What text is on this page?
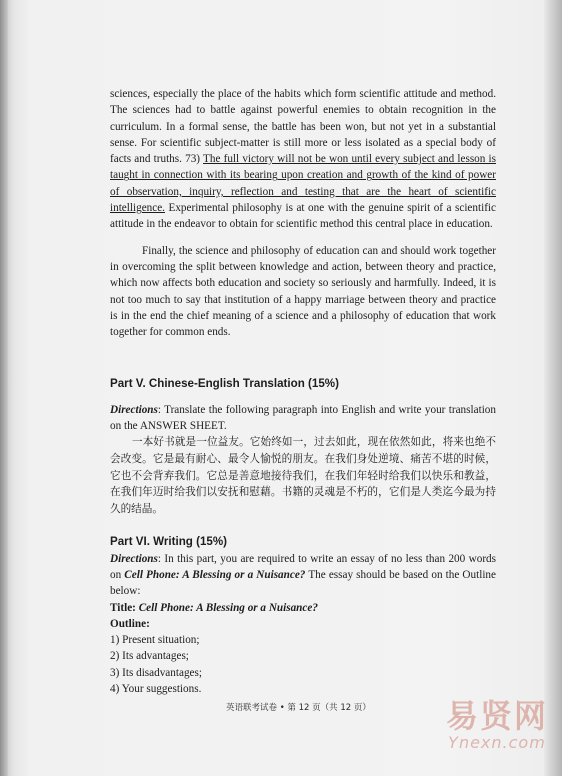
sciences, especially the place of the habits which form scientific attitude and method. The sciences had to battle against powerful enemies to obtain recognition in the curriculum. In a formal sense, the battle has been won, but not yet in a substantial sense. For scientific subject-matter is still more or less isolated as a special body of facts and truths. 73) The full victory will not be won until every subject and lesson is taught in connection with its bearing upon creation and growth of the kind of power of observation, inquiry, reflection and testing that are the heart of scientific intelligence. Experimental philosophy is at one with the genuine spirit of a scientific attitude in the endeavor to obtain for scientific method this central place in education.

Finally, the science and philosophy of education can and should work together in overcoming the split between knowledge and action, between theory and practice, which now affects both education and society so seriously and harmfully. Indeed, it is not too much to say that institution of a happy marriage between theory and practice is in the end the chief meaning of a science and a philosophy of education that work together for common ends.

Part V. Chinese-English Translation (15%)

Directions: Translate the following paragraph into English and write your translation on the ANSWER SHEET.

一本好书就是一位益友。它始终如一，过去如此，现在依然如此，将来也绝不会改变。它是最有耐心、最令人愉悦的朋友。在我们身处逆境、痛苦不堪的时候，它也不会背弃我们。它总是善意地接待我们，在我们年轻时给我们以快乐和教益，在我们年迈时给我们以安抚和慰藉。书籍的灵魂是不朽的，它们是人类迄今最为持久的结晶。

Part VI. Writing (15%)

Directions: In this part, you are required to write an essay of no less than 200 words on Cell Phone: A Blessing or a Nuisance? The essay should be based on the Outline below:

Title: Cell Phone: A Blessing or a Nuisance?

Outline:

1) Present situation;

2) Its advantages;

3) Its disadvantages;

4) Your suggestions.

英语联考试卷 • 第 12 页（共 12 页） 易贤网
Ynexn.com
